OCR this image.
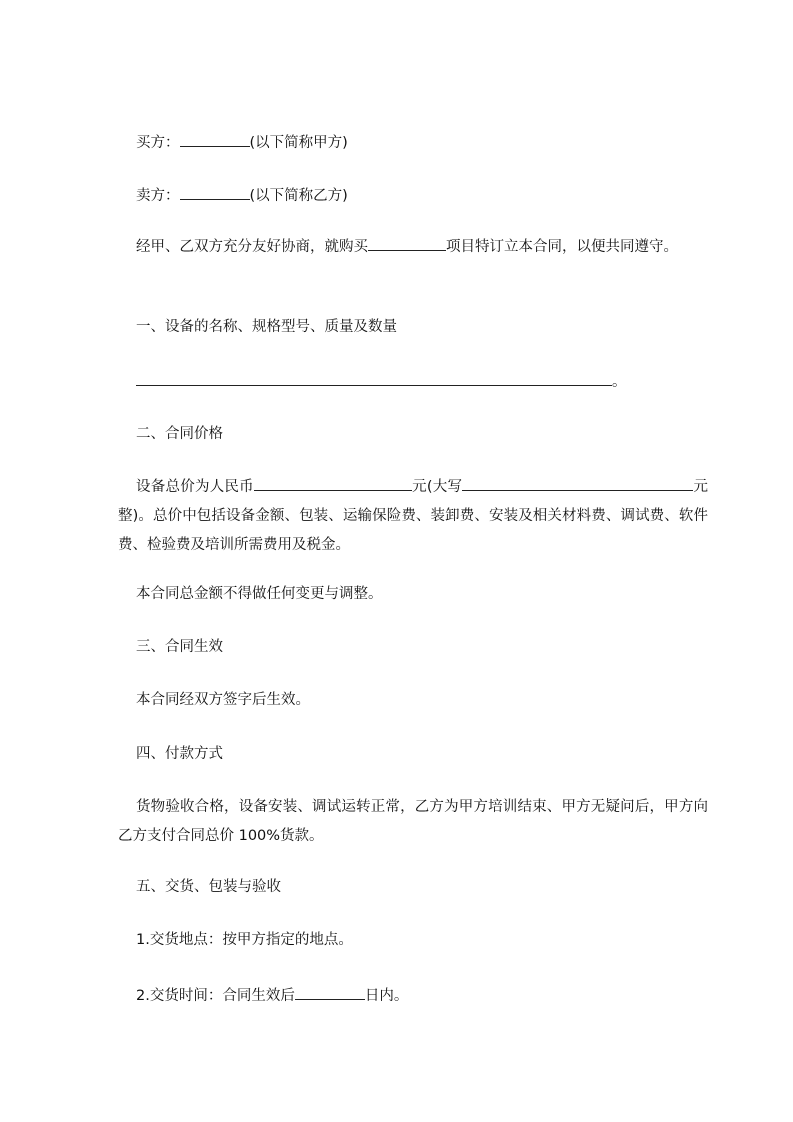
买方：	(以下简称甲方)
卖方：	(以下简称乙方)
经甲、乙双方充分友好协商，就购买	项目特订立本合同，以便共同遵守。
一、设备的名称、规格型号、质量及数量
。
二、合同价格
设备总价为人民币	元(大写	元整)。总价中包括设备金额、包装、运输保险费、装卸费、安装及相关材料费、调试费、软件费、检验费及培训所需费用及税金。
本合同总金额不得做任何变更与调整。
三、合同生效
本合同经双方签字后生效。
四、付款方式
货物验收合格，设备安装、调试运转正常，乙方为甲方培训结束、甲方无疑问后，甲方向乙方支付合同总价 100%货款。
五、交货、包装与验收
1.交货地点：按甲方指定的地点。
2.交货时间：合同生效后	日内。
